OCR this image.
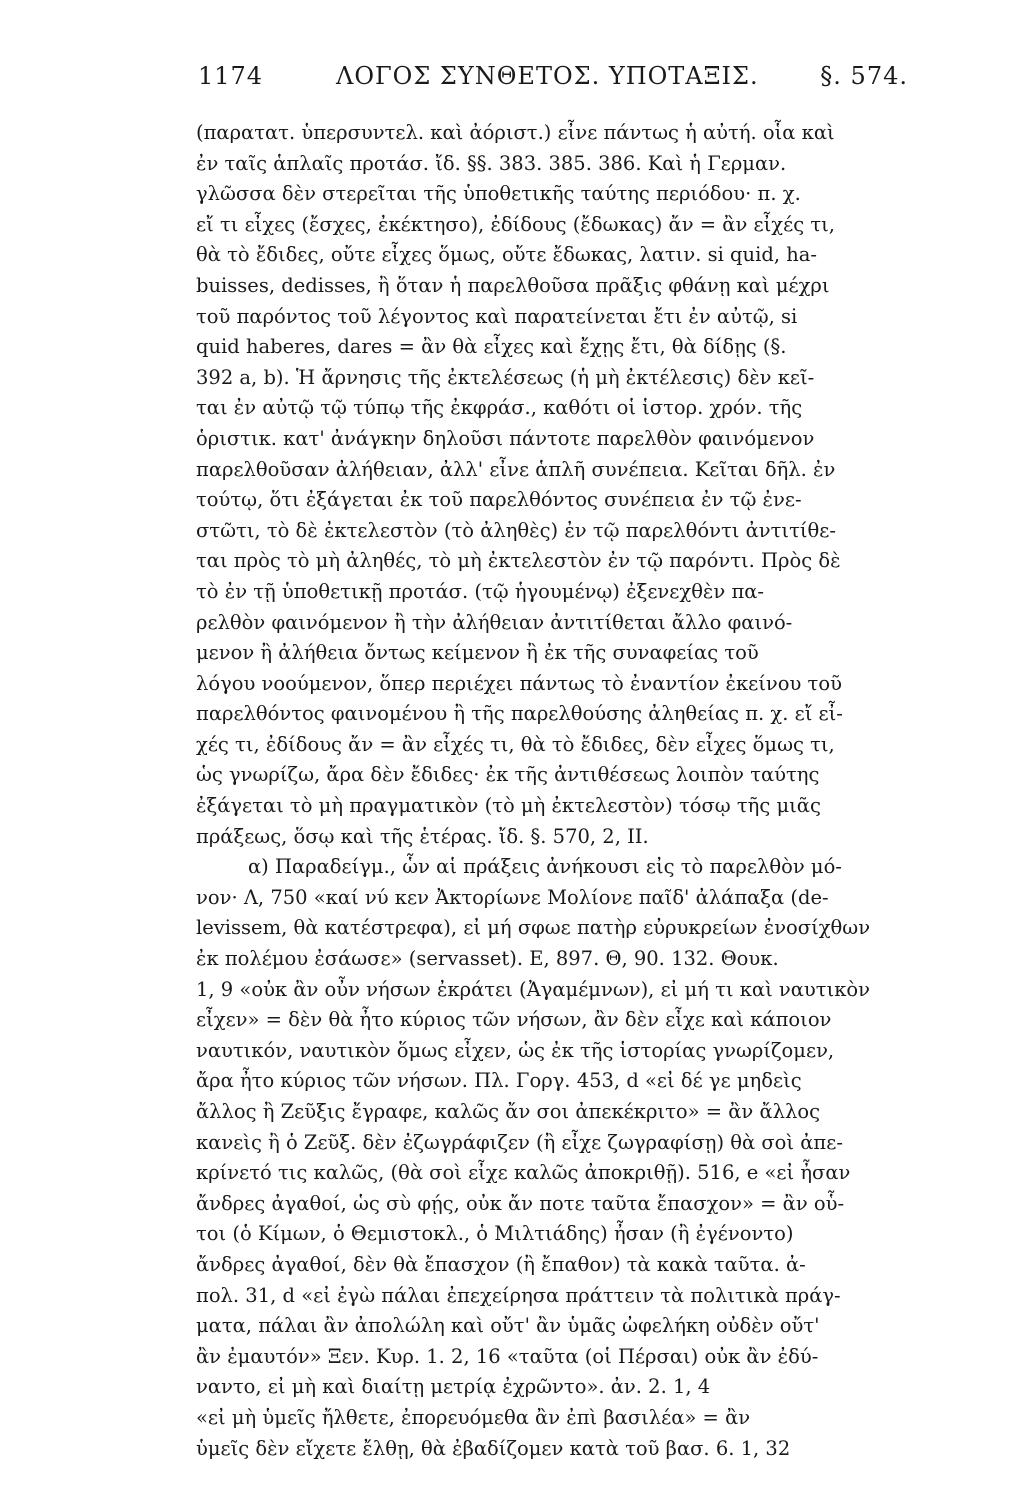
1174	ΛΟΓΟΣ ΣΥΝΘΕΤΟΣ. ΥΠΟΤΑΞΙΣ.	§. 574.
(παρατατ. ὑπερσυντελ. καὶ ἀόριστ.) εἶνε πάντως ἡ αὐτή. οἷα καὶ
ἐν ταῖς ἁπλαῖς προτάσ. ἴδ. §§. 383. 385. 386. Καὶ ἡ Γερμαν.
γλῶσσα δὲν στερεῖται τῆς ὑποθετικῆς ταύτης περιόδου· π. χ.
εἴ τι εἶχες (ἔσχες, ἐκέκτησο), ἐδίδους (ἔδωκας) ἄν = ἂν εἶχές τι,
θὰ τὸ ἔδιδες, οὔτε εἶχες ὅμως, οὔτε ἔδωκας, λατιν. si quid, ha-
buisses, dedisses, ἢ ὅταν ἡ παρελθοῦσα πρᾶξις φθάνῃ καὶ μέχρι
τοῦ παρόντος τοῦ λέγοντος καὶ παρατείνεται ἔτι ἐν αὐτῷ, si
quid haberes, dares = ἂν θὰ εἶχες καὶ ἔχῃς ἔτι, θὰ δίδῃς (§.
392 a, b). Ἡ ἄρνησις τῆς ἐκτελέσεως (ἡ μὴ ἐκτέλεσις) δὲν κεῖ-
ται ἐν αὐτῷ τῷ τύπῳ τῆς ἐκφράσ., καθότι οἱ ἱστορ. χρόν. τῆς
ὁριστικ. κατ' ἀνάγκην δηλοῦσι πάντοτε παρελθὸν φαινόμενον
παρελθοῦσαν ἀλήθειαν, ἀλλ' εἶνε ἁπλῆ συνέπεια. Κεῖται δῆλ. ἐν
τούτῳ, ὅτι ἐξάγεται ἐκ τοῦ παρελθόντος συνέπεια ἐν τῷ ἐνε-
στῶτι, τὸ δὲ ἐκτελεστὸν (τὸ ἀληθὲς) ἐν τῷ παρελθόντι ἀντιτίθε-
ται πρὸς τὸ μὴ ἀληθές, τὸ μὴ ἐκτελεστὸν ἐν τῷ παρόντι. Πρὸς δὲ
τὸ ἐν τῇ ὑποθετικῇ προτάσ. (τῷ ἡγουμένῳ) ἐξενεχθὲν πα-
ρελθὸν φαινόμενον ἢ τὴν ἀλήθειαν ἀντιτίθεται ἄλλο φαινό-
μενον ἢ ἀλήθεια ὄντως κείμενον ἢ ἐκ τῆς συναφείας τοῦ
λόγου νοούμενον, ὅπερ περιέχει πάντως τὸ ἐναντίον ἐκείνου τοῦ
παρελθόντος φαινομένου ἢ τῆς παρελθούσης ἀληθείας π. χ. εἴ εἶ-
χές τι, ἐδίδους ἄν = ἂν εἶχές τι, θὰ τὸ ἔδιδες, δὲν εἶχες ὅμως τι,
ὡς γνωρίζω, ἄρα δὲν ἔδιδες· ἐκ τῆς ἀντιθέσεως λοιπὸν ταύτης
ἐξάγεται τὸ μὴ πραγματικὸν (τὸ μὴ ἐκτελεστὸν) τόσῳ τῆς μιᾶς
πράξεως, ὅσῳ καὶ τῆς ἑτέρας. ἴδ. §. 570, 2, II.
α) Παραδείγμ., ὧν αἱ πράξεις ἀνήκουσι εἰς τὸ παρελθὸν μό-
νον· Λ, 750 «καί νύ κεν Ἀκτορίωνε Μολίονε παῖδ' ἀλάπαξα (de-
levissem, θὰ κατέστρεφα), εἰ μή σφωε πατὴρ εὐρυκρείων ἐνοσίχθων
ἐκ πολέμου ἐσάωσε» (servasset). Ε, 897. Θ, 90. 132. Θουκ.
1, 9 «οὐκ ἂν οὖν νήσων ἐκράτει (Ἀγαμέμνων), εἰ μή τι καὶ ναυτικὸν
εἶχεν» = δὲν θὰ ἦτο κύριος τῶν νήσων, ἂν δὲν εἶχε καὶ κάποιον
ναυτικόν, ναυτικὸν ὅμως εἶχεν, ὡς ἐκ τῆς ἱστορίας γνωρίζομεν,
ἄρα ἦτο κύριος τῶν νήσων. Πλ. Γοργ. 453, d «εἰ δέ γε μηδεὶς
ἄλλος ἢ Ζεῦξις ἔγραφε, καλῶς ἄν σοι ἀπεκέκριτο» = ἂν ἄλλος
κανεὶς ἢ ὁ Ζεῦξ. δὲν ἐζωγράφιζεν (ἢ εἶχε ζωγραφίσῃ) θὰ σοὶ ἀπε-
κρίνετό τις καλῶς, (θὰ σοὶ εἶχε καλῶς ἀποκριθῇ). 516, e «εἰ ἦσαν
ἄνδρες ἀγαθοί, ὡς σὺ φῄς, οὐκ ἄν ποτε ταῦτα ἔπασχον» = ἂν οὗ-
τοι (ὁ Κίμων, ὁ Θεμιστοκλ., ὁ Μιλτιάδης) ἦσαν (ἢ ἐγένοντο)
ἄνδρες ἀγαθοί, δὲν θὰ ἔπασχον (ἢ ἔπαθον) τὰ κακὰ ταῦτα. ἀ-
πολ. 31, d «εἰ ἐγὼ πάλαι ἐπεχείρησα πράττειν τὰ πολιτικὰ πράγ-
ματα, πάλαι ἂν ἀπολώλη καὶ οὔτ' ἂν ὑμᾶς ὠφελήκη οὐδὲν οὔτ'
ἂν ἐμαυτόν» Ξεν. Κυρ. 1. 2, 16 «ταῦτα (οἱ Πέρσαι) οὐκ ἂν ἐδύ-
ναντο, εἰ μὴ καὶ διαίτῃ μετρίᾳ ἐχρῶντο». ἀν. 2. 1, 4
«εἰ μὴ ὑμεῖς ἤλθετε, ἐπορευόμεθα ἂν ἐπὶ βασιλέα» = ἂν
ὑμεῖς δὲν εἴχετε ἔλθῃ, θὰ ἐβαδίζομεν κατὰ τοῦ βασ. 6. 1, 32
